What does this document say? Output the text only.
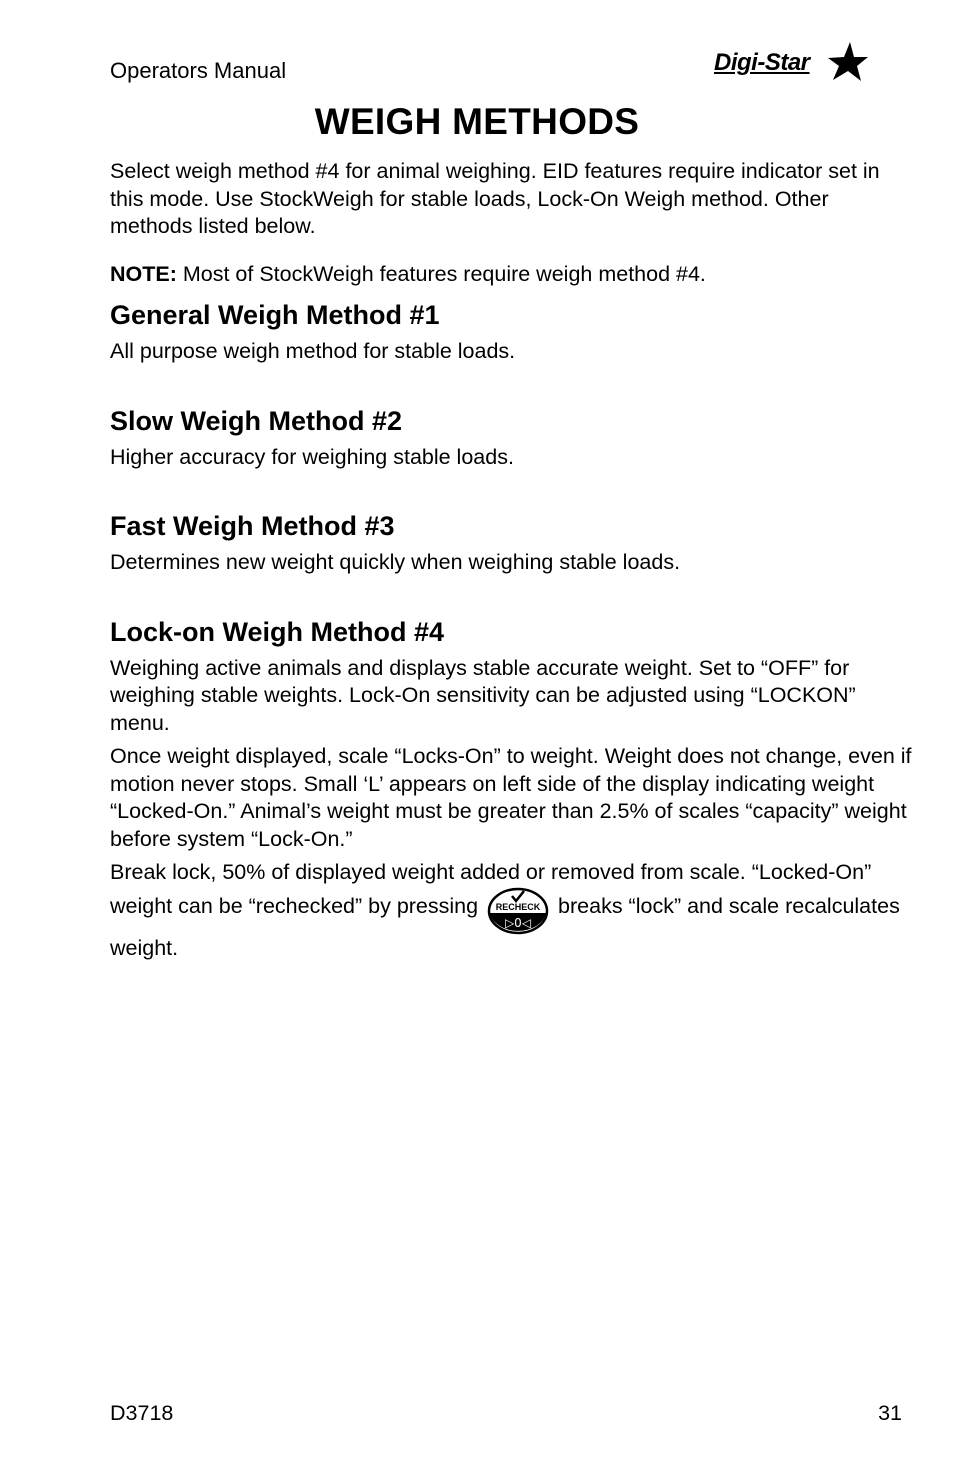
Operators Manual	Digi-Star
WEIGH METHODS

Select weigh method #4 for animal weighing. EID features require indicator set in this mode. Use StockWeigh for stable loads, Lock-On Weigh method. Other methods listed below.

NOTE: Most of StockWeigh features require weigh method #4.

General Weigh Method #1

All purpose weigh method for stable loads.

Slow Weigh Method #2

Higher accuracy for weighing stable loads.

Fast Weigh Method #3

Determines new weight quickly when weighing stable loads.

Lock-on Weigh Method #4

Weighing active animals and displays stable accurate weight. Set to “OFF” for weighing stable weights. Lock-On sensitivity can be adjusted using “LOCKON” menu.

Once weight displayed, scale “Locks-On” to weight. Weight does not change, even if motion never stops. Small ‘L’ appears on left side of the display indicating weight “Locked-On.” Animal’s weight must be greater than 2.5% of scales “capacity” weight before system “Lock-On.”

Break lock, 50% of displayed weight added or removed from scale. “Locked-On” weight can be “rechecked” by pressing RECHECK
▷0◁
breaks “lock” and scale recalculates weight.

D3718	31
